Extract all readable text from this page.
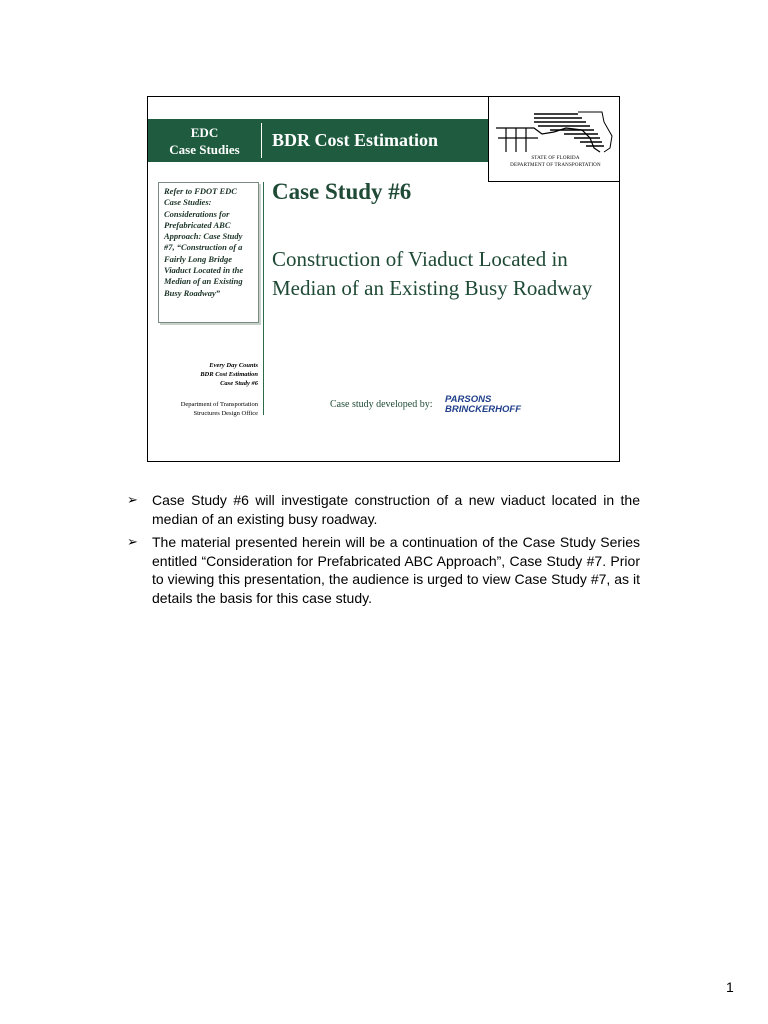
EDC
Case Studies	BDR Cost Estimation
STATE OF FLORIDA
DEPARTMENT OF TRANSPORTATION
Refer to FDOT EDC Case Studies: Considerations for Prefabricated ABC Approach: Case Study #7, “Construction of a Fairly Long Bridge Viaduct Located in the Median of an Existing Busy Roadway”
Every Day Counts
BDR Cost Estimation
Case Study #6
Department of Transportation
Structures Design Office
Case Study #6
Construction of Viaduct Located in Median of an Existing Busy Roadway
Case study developed by: PARSONS
BRINCKERHOFF
➢ Case Study #6 will investigate construction of a new viaduct located in the median of an existing busy roadway.
➢ The material presented herein will be a continuation of the Case Study Series entitled “Consideration for Prefabricated ABC Approach”, Case Study #7. Prior to viewing this presentation, the audience is urged to view Case Study #7, as it details the basis for this case study.
1
